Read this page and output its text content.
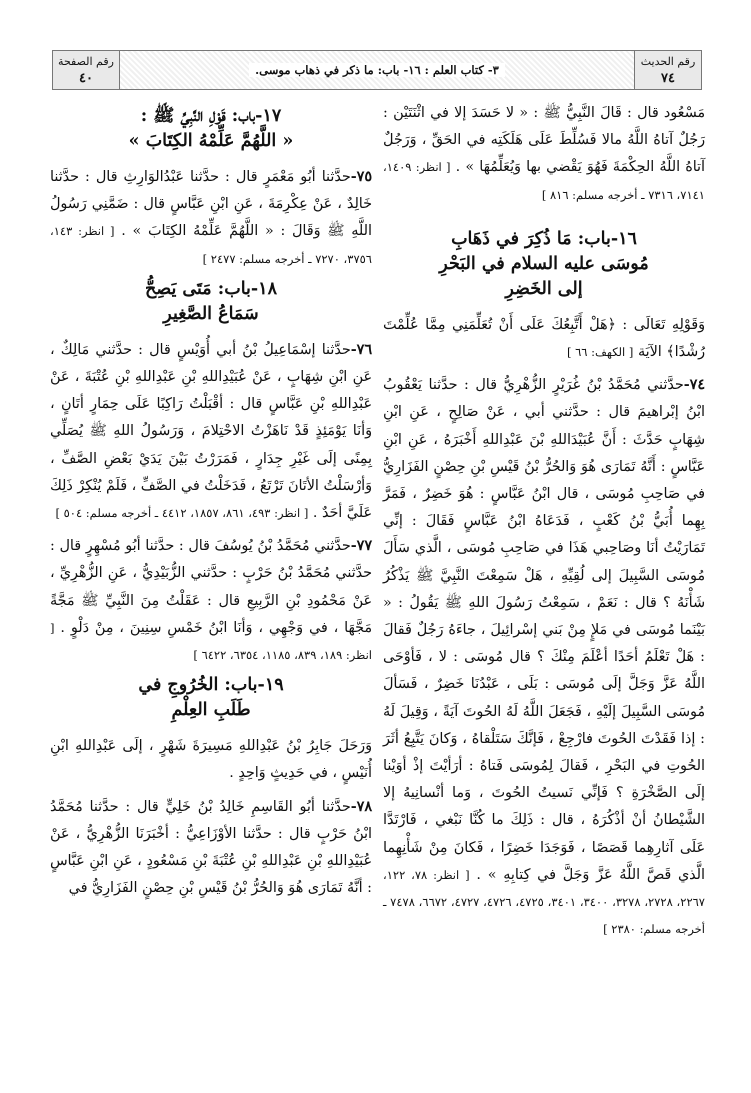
رقم الحديث
٧٤
٣- كتاب العلم : ١٦- باب: ما ذكر في ذهاب موسى.
رقم الصفحة
٤٠

مَسْعُود قال : قَالَ النَّبِيُّ ﷺ : « لا حَسَدَ إلا في اثْنَتَيْن : رَجُلٌ آتاهُ اللَّهُ مالا فَسُلِّطَ عَلَى هَلَكَتِه في الحَقِّ ، وَرَجُلٌ آتاهُ اللَّهُ الحِكْمَةَ فَهُوَ يَقْضي بها وَيُعَلِّمُهَا » . [ انظر: ١٤٠٩، ٧١٤١، ٧٣١٦ ـ أخرجه مسلم: ٨١٦ ]

١٦-باب: مَا ذُكِرَ في ذَهَابِ
مُوسَى عليه السلام في البَحْرِ
إلى الخَضِرِ

وَقَوْلِهِ تَعَالَى : ﴿هَلْ أَتَّبِعُكَ عَلَى أَنْ تُعَلِّمَنِي مِمَّا عُلِّمْتَ رُشْدًا﴾ الآيَة [ الكهف: ٦٦ ]

٧٤-حدَّثني مُحَمَّدُ بْنُ غُرَيْرٍ الزُّهْرِيُّ قال : حدَّثنا يَعْقُوبُ ابْنُ إبْراهيمَ قال : حدَّثني أبي ، عَنْ صَالِحٍ ، عَنِ ابْنِ شِهَابٍ حَدَّثَ : أَنَّ عُبَيْدَاللهِ بْنَ عَبْدِاللهِ أَخْبَرَهُ ، عَنِ ابْنِ عَبَّاسٍ : أَنَّهُ تَمَارَى هُوَ وَالحُرُّ بْنُ قَيْسِ بْنِ حِصْنٍ الفَزَارِيُّ في صَاحِبِ مُوسَى ، قال ابْنُ عَبَّاسٍ : هُوَ خَضِرٌ ، فَمَرَّ بِهِما أُبَيُّ بْنُ كَعْبٍ ، فَدَعَاهُ ابْنُ عَبَّاسٍ فَقَالَ : إنِّي تَمَارَيْتُ أنَا وصَاحِبي هَذَا في صَاحِبِ مُوسَى ، الَّذي سَأَلَ مُوسَى السَّبِيلَ إلى لُقِيِّهِ ، هَلْ سَمِعْتَ النَّبِيَّ ﷺ يَذْكُرُ شَأْنَهُ ؟ قال : نَعَمْ ، سَمِعْتُ رَسُولَ اللهِ ﷺ يَقُولُ : « بَيْنَما مُوسَى في مَلإٍ مِنْ بَني إسْرائِيلَ ، جاءَهُ رَجُلٌ فَقالَ : هَلْ تَعْلَمُ أحَدًا أعْلَمَ مِنْكَ ؟ قال مُوسَى : لا ، فَأوْحَى اللَّهُ عَزَّ وَجَلَّ إلَى مُوسَى : بَلَى ، عَبْدُنَا خَضِرٌ ، فَسَألَ مُوسَى السَّبِيلَ إلَيْهِ ، فَجَعَلَ اللَّهُ لَهُ الحُوتَ آيَةً ، وَقِيلَ لَهُ : إذا فَقَدْتَ الحُوتَ فارْجِعْ ، فَإنَّكَ سَتَلْقاهُ ، وَكانَ يَتَّبِعُ أثَرَ الحُوتِ في البَحْرِ ، فَقالَ لِمُوسَى فَتاهُ : أرَأيْتَ إذْ أوَيْنا إلَى الصَّخْرَةِ ؟ فَإنِّي نَسيتُ الحُوتَ ، وَما أنْسانِيهُ إلا الشَّيْطانُ أنْ أذْكُرَهُ ، قال : ذَلِكَ ما كُنَّا نَبْغي ، فَارْتَدَّا عَلَى آثارِهِما قَصَصًا ، فَوَجَدَا خَضِرًا ، فَكانَ مِنْ شَأْنِهِما الَّذي قَصَّ اللَّهُ عَزَّ وَجَلَّ في كِتابِهِ » . [ انظر: ٧٨، ١٢٢، ٢٢٦٧، ٢٧٢٨، ٣٢٧٨، ٣٤٠٠، ٣٤٠١، ٤٧٢٥، ٤٧٢٦، ٤٧٢٧، ٦٦٧٢، ٧٤٧٨ ـ أخرجه مسلم: ٢٣٨٠ ]

١٧-باب: قَوْلِ النَّبِيِّ ﷺ :
« اللَّهُمَّ عَلِّمْهُ الكِتَابَ »

٧٥-حدَّثنا أبُو مَعْمَرٍ قال : حدَّثنا عَبْدُالوَارِثِ قال : حدَّثنا خَالِدٌ ، عَنْ عِكْرِمَةَ ، عَنِ ابْنِ عَبَّاسٍ قال : ضَمَّنِي رَسُولُ اللَّهِ ﷺ وَقَالَ : « اللَّهُمَّ عَلِّمْهُ الكِتَابَ » . [ انظر: ١٤٣، ٣٧٥٦، ٧٢٧٠ ـ أخرجه مسلم: ٢٤٧٧ ]

١٨-باب: مَتَى يَصِحُّ
سَمَاعُ الصَّغِيرِ

٧٦-حدَّثنا إسْمَاعِيلُ بْنُ أبي أُوَيْسٍ قال : حدَّثني مَالِكٌ ، عَنِ ابْنِ شِهَابٍ ، عَنْ عُبَيْدِاللهِ بْنِ عَبْدِاللهِ بْنِ عُتْبَةَ ، عَنْ عَبْدِاللهِ بْنِ عَبَّاسٍ قال : أقْبَلْتُ رَاكِبًا عَلَى حِمَارٍ أتَانٍ ، وَأنَا يَوْمَئِذٍ قَدْ نَاهَزْتُ الاحْتِلامَ ، وَرَسُولُ اللهِ ﷺ يُصَلِّي بِمِنًى إلَى غَيْرِ جِدَارٍ ، فَمَرَرْتُ بَيْنَ يَدَيْ بَعْضِ الصَّفِّ ، وَأرْسَلْتُ الأتَانَ تَرْتَعُ ، فَدَخَلْتُ في الصَّفِّ ، فَلَمْ يُنْكِرْ ذَلِكَ عَلَيَّ أحَدٌ . [ انظر: ٤٩٣، ٨٦١، ١٨٥٧، ٤٤١٢ ـ أخرجه مسلم: ٥٠٤ ]

٧٧-حدَّثني مُحَمَّدُ بْنُ يُوسُفَ قال : حدَّثنا أبُو مُسْهِرٍ قال : حدَّثني مُحَمَّدُ بْنُ حَرْبٍ : حدَّثني الزُّبَيْدِيُّ ، عَنِ الزُّهْرِيِّ ، عَنْ مَحْمُودِ بْنِ الرَّبِيعِ قال : عَقَلْتُ مِنَ النَّبِيِّ ﷺ مَجَّةً مَجَّهَا ، في وَجْهِي ، وَأنَا ابْنُ خَمْسِ سِنِينَ ، مِنْ دَلْوٍ . [ انظر: ١٨٩، ٨٣٩، ١١٨٥، ٦٣٥٤، ٦٤٢٢ ]

١٩-باب: الخُرُوجِ في
طَلَبِ العِلْمِ

وَرَحَلَ جَابِرُ بْنُ عَبْدِاللهِ مَسِيرَةَ شَهْرٍ ، إلَى عَبْدِاللهِ ابْنِ أُنَيْسٍ ، في حَدِيثٍ وَاحِدٍ .

٧٨-حدَّثنا أبُو القَاسِمِ خَالِدُ بْنُ خَلِيٍّ قال : حدَّثنا مُحَمَّدُ ابْنُ حَرْبٍ قال : حدَّثنا الأوْزَاعِيُّ : أخْبَرَنَا الزُّهْرِيُّ ، عَنْ عُبَيْدِاللهِ بْنِ عَبْدِاللهِ بْنِ عُتْبَةَ بْنِ مَسْعُودٍ ، عَنِ ابْنِ عَبَّاسٍ : أنَّهُ تَمَارَى هُوَ وَالحُرُّ بْنُ قَيْسِ بْنِ حِصْنٍ الفَزَارِيُّ في
